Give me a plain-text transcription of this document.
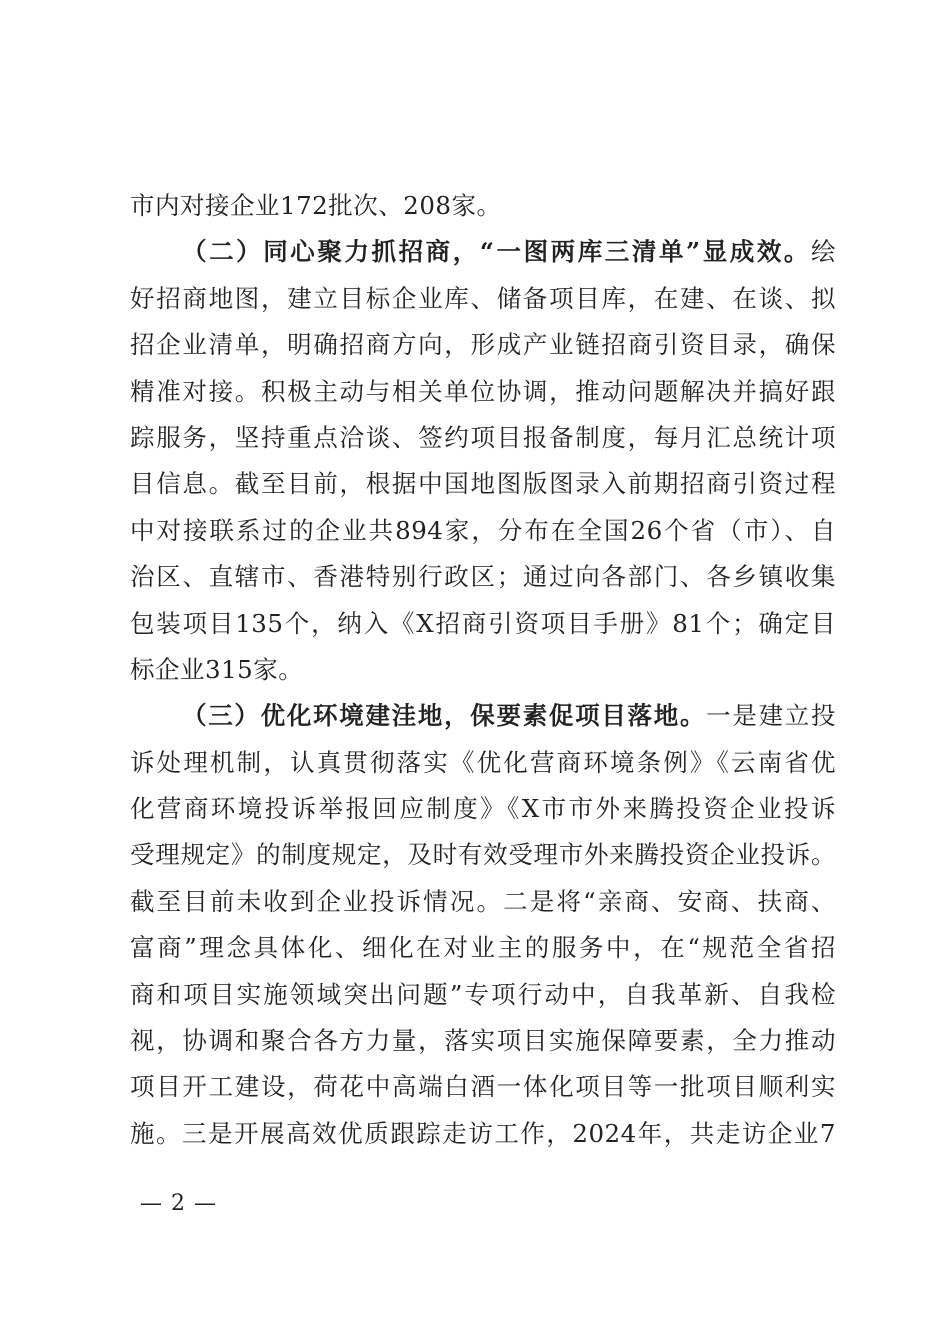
市内对接企业172批次、208家。
（二）同心聚力抓招商，“一图两库三清单”显成效。绘
好招商地图，建立目标企业库、储备项目库，在建、在谈、拟
招企业清单，明确招商方向，形成产业链招商引资目录，确保
精准对接。积极主动与相关单位协调，推动问题解决并搞好跟
踪服务，坚持重点洽谈、签约项目报备制度，每月汇总统计项
目信息。截至目前，根据中国地图版图录入前期招商引资过程
中对接联系过的企业共894家，分布在全国26个省（市）、自
治区、直辖市、香港特别行政区；通过向各部门、各乡镇收集
包装项目135个，纳入《X招商引资项目手册》81个；确定目
标企业315家。
（三）优化环境建洼地，保要素促项目落地。一是建立投
诉处理机制，认真贯彻落实《优化营商环境条例》《云南省优
化营商环境投诉举报回应制度》《X市市外来腾投资企业投诉
受理规定》的制度规定，及时有效受理市外来腾投资企业投诉。
截至目前未收到企业投诉情况。二是将“亲商、安商、扶商、
富商”理念具体化、细化在对业主的服务中，在“规范全省招
商和项目实施领域突出问题”专项行动中，自我革新、自我检
视，协调和聚合各方力量，落实项目实施保障要素，全力推动
项目开工建设，荷花中高端白酒一体化项目等一批项目顺利实
施。三是开展高效优质跟踪走访工作，2024年，共走访企业7
— 2 —
